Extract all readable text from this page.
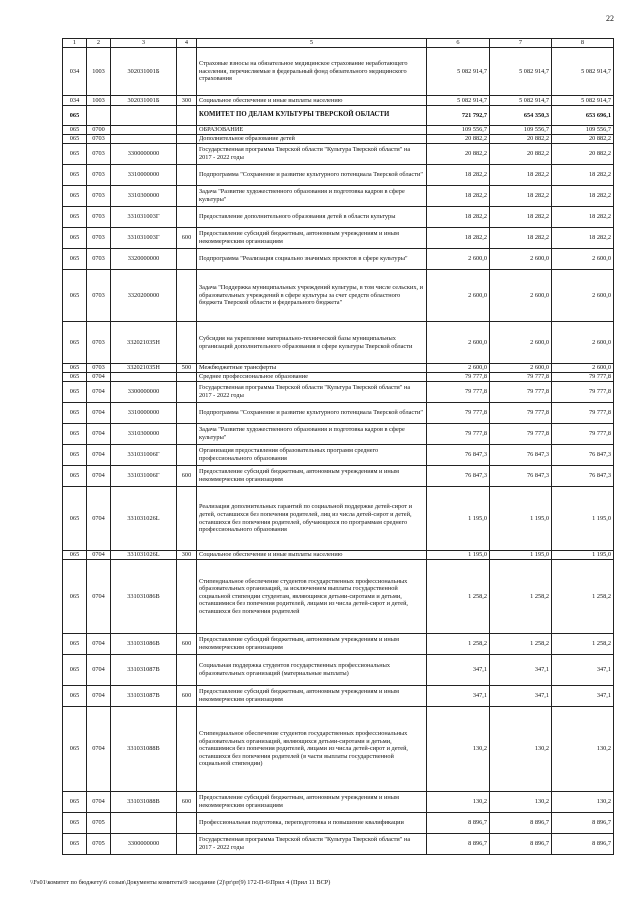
22
1	2	3	4	5	6	7	8
034	1003	302031001Б		Страховые взносы на обязательное медицинское страхование неработающего населения, перечисляемые в федеральный фонд обязательного медицинского страхования	5 082 914,7	5 082 914,7	5 082 914,7
034	1003	302031001Б	300	Социальное обеспечение и иные выплаты населению	5 082 914,7	5 082 914,7	5 082 914,7
065				КОМИТЕТ ПО ДЕЛАМ КУЛЬТУРЫ ТВЕРСКОЙ ОБЛАСТИ	721 792,7	654 350,3	653 696,1
065	0700			ОБРАЗОВАНИЕ	109 556,7	109 556,7	109 556,7
065	0703			Дополнительное образование детей	20 882,2	20 882,2	20 882,2
065	0703	3300000000		Государственная программа Тверской области "Культура Тверской области" на 2017 - 2022 годы	20 882,2	20 882,2	20 882,2
065	0703	3310000000		Подпрограмма "Сохранение и развитие культурного потенциала Тверской области"	18 282,2	18 282,2	18 282,2
065	0703	3310300000		Задача "Развитие художественного образования и подготовка кадров в сфере культуры"	18 282,2	18 282,2	18 282,2
065	0703	331031003Г		Предоставление дополнительного образования детей в области культуры	18 282,2	18 282,2	18 282,2
065	0703	331031003Г	600	Предоставление субсидий бюджетным, автономным учреждениям и иным некоммерческим организациям	18 282,2	18 282,2	18 282,2
065	0703	3320000000		Подпрограмма "Реализация социально значимых проектов в сфере культуры"	2 600,0	2 600,0	2 600,0
065	0703	3320200000		Задача "Поддержка муниципальных учреждений культуры, в том числе сельских, и образовательных учреждений в сфере культуры за счет средств областного бюджета Тверской области и федерального бюджета"	2 600,0	2 600,0	2 600,0
065	0703	332021035Н		Субсидия на укрепление материально-технической базы муниципальных организаций дополнительного образования в сфере культуры Тверской области	2 600,0	2 600,0	2 600,0
065	0703	332021035Н	500	Межбюджетные трансферты	2 600,0	2 600,0	2 600,0
065	0704			Среднее профессиональное образование	79 777,8	79 777,8	79 777,8
065	0704	3300000000		Государственная программа Тверской области "Культура Тверской области" на 2017 - 2022 годы	79 777,8	79 777,8	79 777,8
065	0704	3310000000		Подпрограмма "Сохранение и развитие культурного потенциала Тверской области"	79 777,8	79 777,8	79 777,8
065	0704	3310300000		Задача "Развитие художественного образования и подготовка кадров в сфере культуры"	79 777,8	79 777,8	79 777,8
065	0704	331031006Г		Организация предоставления образовательных программ среднего профессионального образования	76 847,3	76 847,3	76 847,3
065	0704	331031006Г	600	Предоставление субсидий бюджетным, автономным учреждениям и иным некоммерческим организациям	76 847,3	76 847,3	76 847,3
065	0704	331031026L		Реализация дополнительных гарантий по социальной поддержке детей-сирот и детей, оставшихся без попечения родителей, лиц из числа детей-сирот и детей, оставшихся без попечения родителей, обучающихся по программам среднего профессионального образования	1 195,0	1 195,0	1 195,0
065	0704	331031026L	300	Социальное обеспечение и иные выплаты населению	1 195,0	1 195,0	1 195,0
065	0704	331031086В		Стипендиальное обеспечение студентов государственных профессиональных образовательных организаций, за исключением выплаты государственной социальной стипендии студентам, являющимся детьми-сиротами и детьми, оставшимися без попечения родителей, лицами из числа детей-сирот и детей, оставшихся без попечения родителей	1 258,2	1 258,2	1 258,2
065	0704	331031086В	600	Предоставление субсидий бюджетным, автономным учреждениям и иным некоммерческим организациям	1 258,2	1 258,2	1 258,2
065	0704	331031087В		Социальная поддержка студентов государственных профессиональных образовательных организаций (материальные выплаты)	347,1	347,1	347,1
065	0704	331031087В	600	Предоставление субсидий бюджетным, автономным учреждениям и иным некоммерческим организациям	347,1	347,1	347,1
065	0704	331031088В		Стипендиальное обеспечение студентов государственных профессиональных образовательных организаций, являющихся детьми-сиротами и детьми, оставшимися без попечения родителей, лицами из числа детей-сирот и детей, оставшихся без попечения родителей (в части выплаты государственной социальной стипендии)	130,2	130,2	130,2
065	0704	331031088В	600	Предоставление субсидий бюджетным, автономным учреждениям и иным некоммерческим организациям	130,2	130,2	130,2
065	0705			Профессиональная подготовка, переподготовка и повышение квалификации	8 896,7	8 896,7	8 896,7
065	0705	3300000000		Государственная программа Тверской области "Культура Тверской области" на 2017 - 2022 годы	8 896,7	8 896,7	8 896,7
\\Fs01\комитет по бюджету\6 созыв\Документы комитета\9 заседание (2)\pr\pr(9) 172-П-6\Прил 4 (Прил 11 ВСР)
